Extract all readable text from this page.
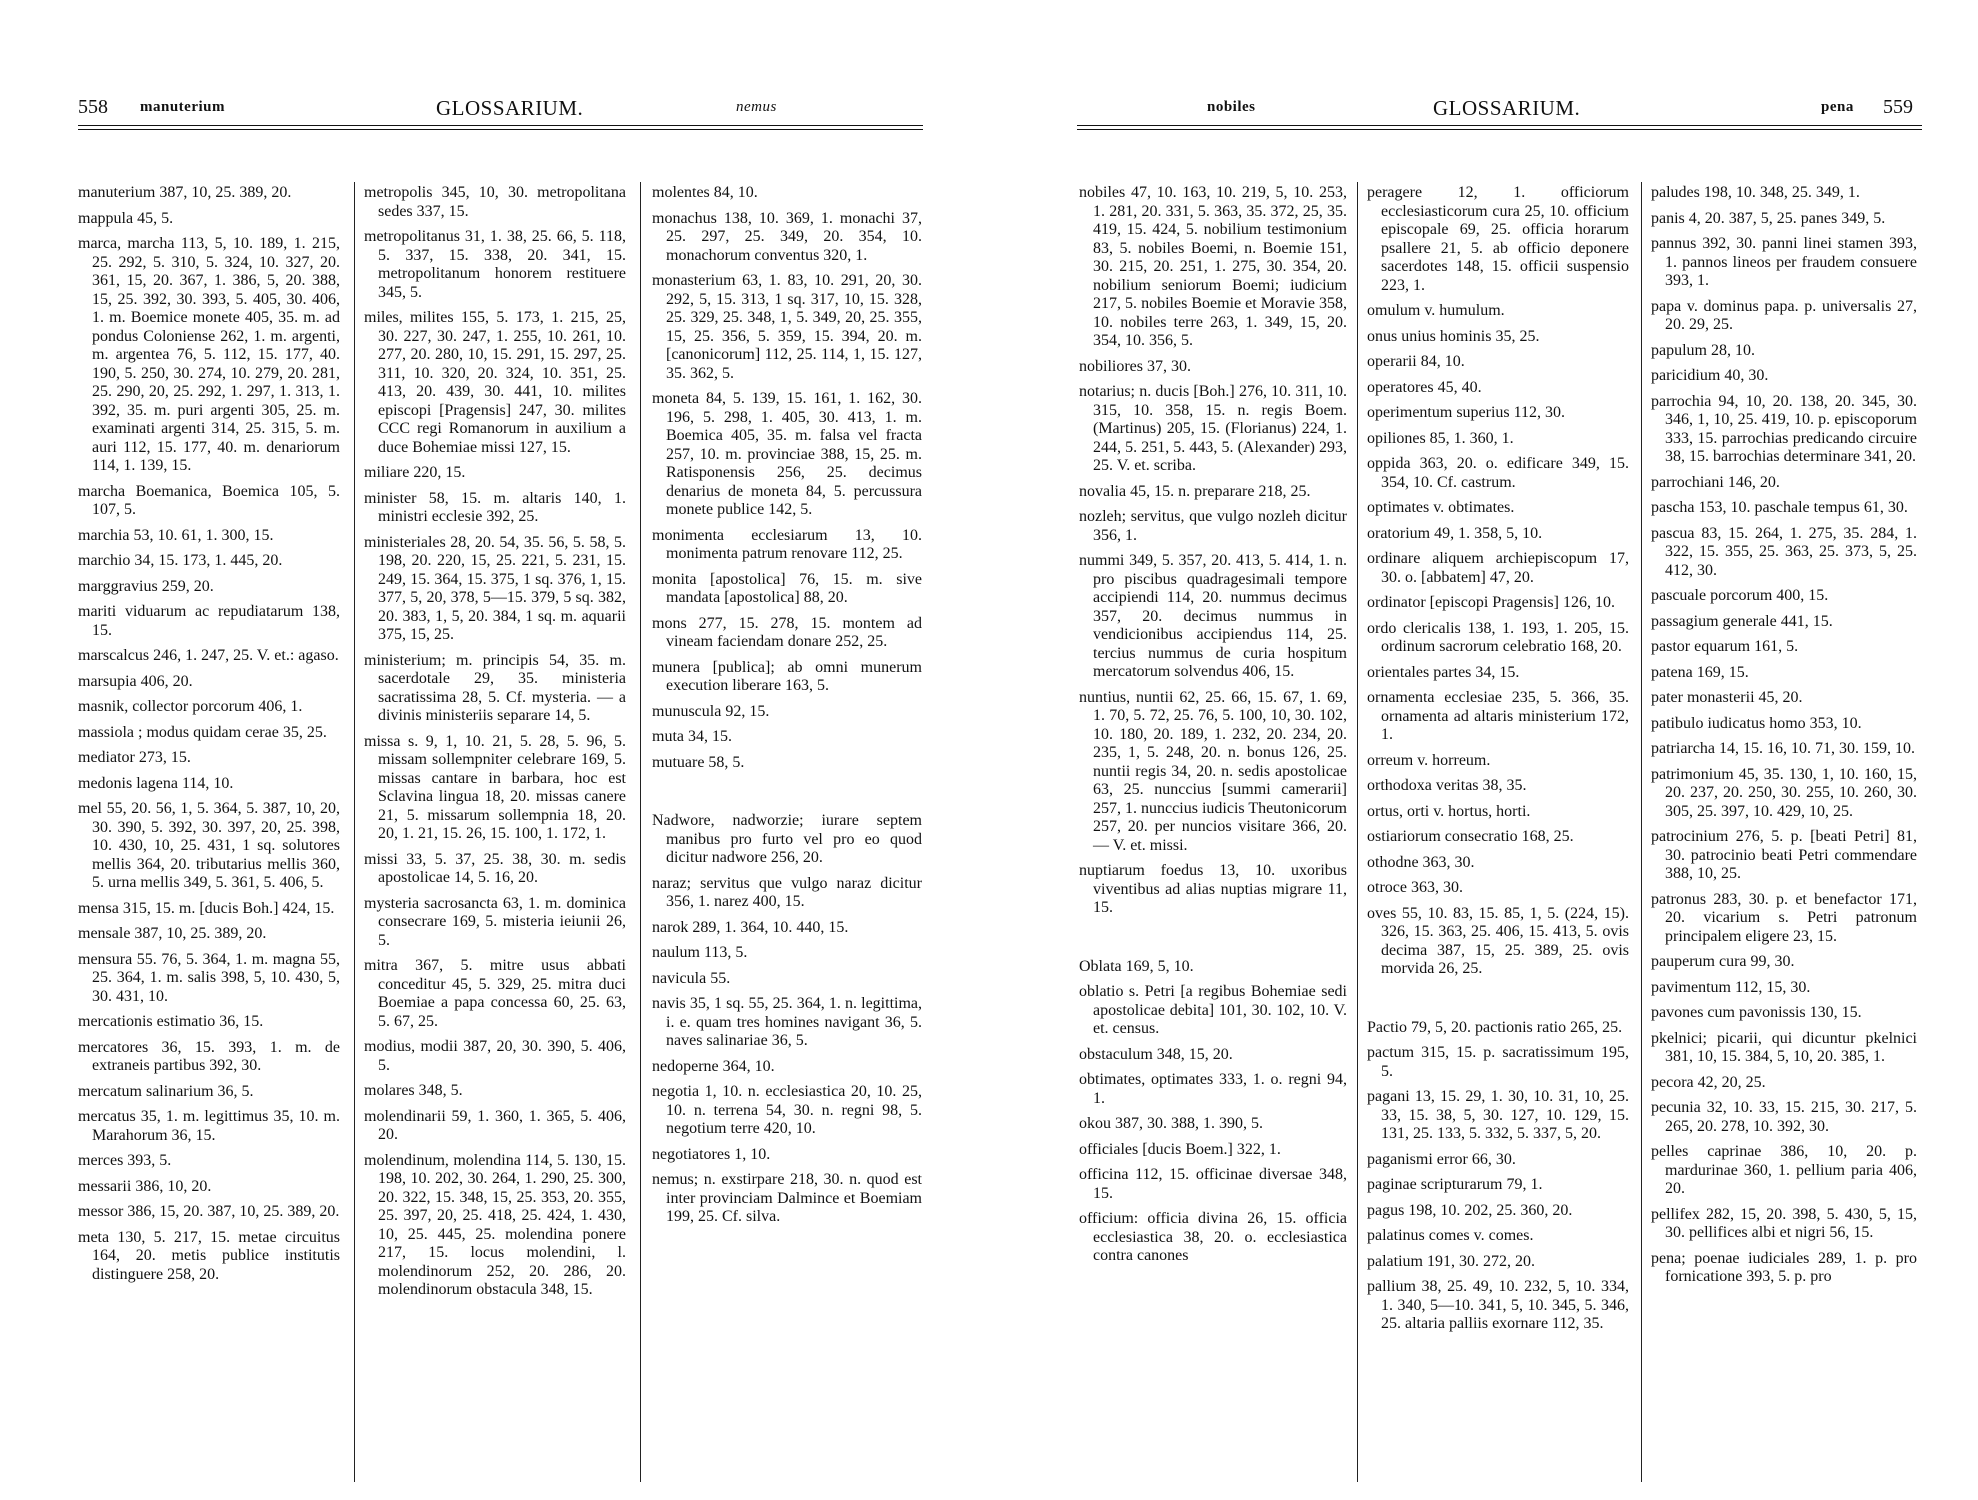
558 manuterium	GLOSSARIUM.	nemus

manuterium 387, 10, 25. 389, 20.

mappula 45, 5.

marca, marcha 113, 5, 10. 189, 1. 215, 25. 292, 5. 310, 5. 324, 10. 327, 20. 361, 15, 20. 367, 1. 386, 5, 20. 388, 15, 25. 392, 30. 393, 5. 405, 30. 406, 1. m. Boemice monete 405, 35. m. ad pondus Coloniense 262, 1. m. argenti, m. argentea 76, 5. 112, 15. 177, 40. 190, 5. 250, 30. 274, 10. 279, 20. 281, 25. 290, 20, 25. 292, 1. 297, 1. 313, 1. 392, 35. m. puri argenti 305, 25. m. examinati argenti 314, 25. 315, 5. m. auri 112, 15. 177, 40. m. denariorum 114, 1. 139, 15.

marcha Boemanica, Boemica 105, 5. 107, 5.

marchia 53, 10. 61, 1. 300, 15.

marchio 34, 15. 173, 1. 445, 20.

marggravius 259, 20.

mariti viduarum ac repudiatarum 138, 15.

marscalcus 246, 1. 247, 25. V. et.: agaso.

marsupia 406, 20.

masnik, collector porcorum 406, 1.

massiola ; modus quidam cerae 35, 25.

mediator 273, 15.

medonis lagena 114, 10.

mel 55, 20. 56, 1, 5. 364, 5. 387, 10, 20, 30. 390, 5. 392, 30. 397, 20, 25. 398, 10. 430, 10, 25. 431, 1 sq. solutores mellis 364, 20. tributarius mellis 360, 5. urna mellis 349, 5. 361, 5. 406, 5.

mensa 315, 15. m. [ducis Boh.] 424, 15.

mensale 387, 10, 25. 389, 20.

mensura 55. 76, 5. 364, 1. m. magna 55, 25. 364, 1. m. salis 398, 5, 10. 430, 5, 30. 431, 10.

mercationis estimatio 36, 15.

mercatores 36, 15. 393, 1. m. de extraneis partibus 392, 30.

mercatum salinarium 36, 5.

mercatus 35, 1. m. legittimus 35, 10. m. Marahorum 36, 15.

merces 393, 5.

messarii 386, 10, 20.

messor 386, 15, 20. 387, 10, 25. 389, 20.

meta 130, 5. 217, 15. metae circuitus 164, 20. metis publice institutis distinguere 258, 20.

metropolis 345, 10, 30. metropolitana sedes 337, 15.

metropolitanus 31, 1. 38, 25. 66, 5. 118, 5. 337, 15. 338, 20. 341, 15. metropolitanum honorem restituere 345, 5.

miles, milites 155, 5. 173, 1. 215, 25, 30. 227, 30. 247, 1. 255, 10. 261, 10. 277, 20. 280, 10, 15. 291, 15. 297, 25. 311, 10. 320, 20. 324, 10. 351, 25. 413, 20. 439, 30. 441, 10. milites episcopi [Pragensis] 247, 30. milites CCC regi Romanorum in auxilium a duce Bohemiae missi 127, 15.

miliare 220, 15.

minister 58, 15. m. altaris 140, 1. ministri ecclesie 392, 25.

ministeriales 28, 20. 54, 35. 56, 5. 58, 5. 198, 20. 220, 15, 25. 221, 5. 231, 15. 249, 15. 364, 15. 375, 1 sq. 376, 1, 15. 377, 5, 20, 378, 5—15. 379, 5 sq. 382, 20. 383, 1, 5, 20. 384, 1 sq. m. aquarii 375, 15, 25.

ministerium; m. principis 54, 35. m. sacerdotale 29, 35. ministeria sacratissima 28, 5. Cf. mysteria. — a divinis ministeriis separare 14, 5.

missa s. 9, 1, 10. 21, 5. 28, 5. 96, 5. missam sollempniter celebrare 169, 5. missas cantare in barbara, hoc est Sclavina lingua 18, 20. missas canere 21, 5. missarum sollempnia 18, 20. 20, 1. 21, 15. 26, 15. 100, 1. 172, 1.

missi 33, 5. 37, 25. 38, 30. m. sedis apostolicae 14, 5. 16, 20.

mysteria sacrosancta 63, 1. m. dominica consecrare 169, 5. misteria ieiunii 26, 5.

mitra 367, 5. mitre usus abbati conceditur 45, 5. 329, 25. mitra duci Boemiae a papa concessa 60, 25. 63, 5. 67, 25.

modius, modii 387, 20, 30. 390, 5. 406, 5.

molares 348, 5.

molendinarii 59, 1. 360, 1. 365, 5. 406, 20.

molendinum, molendina 114, 5. 130, 15. 198, 10. 202, 30. 264, 1. 290, 25. 300, 20. 322, 15. 348, 15, 25. 353, 20. 355, 25. 397, 20, 25. 418, 25. 424, 1. 430, 10, 25. 445, 25. molendina ponere 217, 15. locus molendini, l. molendinorum 252, 20. 286, 20. molendinorum obstacula 348, 15.

molentes 84, 10.

monachus 138, 10. 369, 1. monachi 37, 25. 297, 25. 349, 20. 354, 10. monachorum conventus 320, 1.

monasterium 63, 1. 83, 10. 291, 20, 30. 292, 5, 15. 313, 1 sq. 317, 10, 15. 328, 25. 329, 25. 348, 1, 5. 349, 20, 25. 355, 15, 25. 356, 5. 359, 15. 394, 20. m. [canonicorum] 112, 25. 114, 1, 15. 127, 35. 362, 5.

moneta 84, 5. 139, 15. 161, 1. 162, 30. 196, 5. 298, 1. 405, 30. 413, 1. m. Boemica 405, 35. m. falsa vel fracta 257, 10. m. provinciae 388, 15, 25. m. Ratisponensis 256, 25. decimus denarius de moneta 84, 5. percussura monete publice 142, 5.

monimenta ecclesiarum 13, 10. monimenta patrum renovare 112, 25.

monita [apostolica] 76, 15. m. sive mandata [apostolica] 88, 20.

mons 277, 15. 278, 15. montem ad vineam faciendam donare 252, 25.

munera [publica]; ab omni munerum execution liberare 163, 5.

munuscula 92, 15.

muta 34, 15.

mutuare 58, 5.

Nadwore, nadworzie; iurare septem manibus pro furto vel pro eo quod dicitur nadwore 256, 20.

naraz; servitus que vulgo naraz dicitur 356, 1. narez 400, 15.

narok 289, 1. 364, 10. 440, 15.

naulum 113, 5.

navicula 55.

navis 35, 1 sq. 55, 25. 364, 1. n. legittima, i. e. quam tres homines navigant 36, 5. naves salinariae 36, 5.

nedoperne 364, 10.

negotia 1, 10. n. ecclesiastica 20, 10. 25, 10. n. terrena 54, 30. n. regni 98, 5. negotium terre 420, 10.

negotiatores 1, 10.

nemus; n. exstirpare 218, 30. n. quod est inter provinciam Dalmince et Boemiam 199, 25. Cf. silva.

nobiles	GLOSSARIUM.	pena 559

nobiles 47, 10. 163, 10. 219, 5, 10. 253, 1. 281, 20. 331, 5. 363, 35. 372, 25, 35. 419, 15. 424, 5. nobilium testimonium 83, 5. nobiles Boemi, n. Boemie 151, 30. 215, 20. 251, 1. 275, 30. 354, 20. nobilium seniorum Boemi; iudicium 217, 5. nobiles Boemie et Moravie 358, 10. nobiles terre 263, 1. 349, 15, 20. 354, 10. 356, 5.

nobiliores 37, 30.

notarius; n. ducis [Boh.] 276, 10. 311, 10. 315, 10. 358, 15. n. regis Boem. (Martinus) 205, 15. (Florianus) 224, 1. 244, 5. 251, 5. 443, 5. (Alexander) 293, 25. V. et. scriba.

novalia 45, 15. n. preparare 218, 25.

nozleh; servitus, que vulgo nozleh dicitur 356, 1.

nummi 349, 5. 357, 20. 413, 5. 414, 1. n. pro piscibus quadragesimali tempore accipiendi 114, 20. nummus decimus 357, 20. decimus nummus in vendicionibus accipiendus 114, 25. tercius nummus de curia hospitum mercatorum solvendus 406, 15.

nuntius, nuntii 62, 25. 66, 15. 67, 1. 69, 1. 70, 5. 72, 25. 76, 5. 100, 10, 30. 102, 10. 180, 20. 189, 1. 232, 20. 234, 20. 235, 1, 5. 248, 20. n. bonus 126, 25. nuntii regis 34, 20. n. sedis apostolicae 63, 25. nunccius [summi camerarii] 257, 1. nunccius iudicis Theutonicorum 257, 20. per nuncios visitare 366, 20. — V. et. missi.

nuptiarum foedus 13, 10. uxoribus viventibus ad alias nuptias migrare 11, 15.

Oblata 169, 5, 10.

oblatio s. Petri [a regibus Bohemiae sedi apostolicae debita] 101, 30. 102, 10. V. et. census.

obstaculum 348, 15, 20.

obtimates, optimates 333, 1. o. regni 94, 1.

okou 387, 30. 388, 1. 390, 5.

officiales [ducis Boem.] 322, 1.

officina 112, 15. officinae diversae 348, 15.

officium: officia divina 26, 15. officia ecclesiastica 38, 20. o. ecclesiastica contra canones

peragere 12, 1. officiorum ecclesiasticorum cura 25, 10. officium episcopale 69, 25. officia horarum psallere 21, 5. ab officio deponere sacerdotes 148, 15. officii suspensio 223, 1.

omulum v. humulum.

onus unius hominis 35, 25.

operarii 84, 10.

operatores 45, 40.

operimentum superius 112, 30.

opiliones 85, 1. 360, 1.

oppida 363, 20. o. edificare 349, 15. 354, 10. Cf. castrum.

optimates v. obtimates.

oratorium 49, 1. 358, 5, 10.

ordinare aliquem archiepiscopum 17, 30. o. [abbatem] 47, 20.

ordinator [episcopi Pragensis] 126, 10.

ordo clericalis 138, 1. 193, 1. 205, 15. ordinum sacrorum celebratio 168, 20.

orientales partes 34, 15.

ornamenta ecclesiae 235, 5. 366, 35. ornamenta ad altaris ministerium 172, 1.

orreum v. horreum.

orthodoxa veritas 38, 35.

ortus, orti v. hortus, horti.

ostiariorum consecratio 168, 25.

othodne 363, 30.

otroce 363, 30.

oves 55, 10. 83, 15. 85, 1, 5. (224, 15). 326, 15. 363, 25. 406, 15. 413, 5. ovis decima 387, 15, 25. 389, 25. ovis morvida 26, 25.

Pactio 79, 5, 20. pactionis ratio 265, 25.

pactum 315, 15. p. sacratissimum 195, 5.

pagani 13, 15. 29, 1. 30, 10. 31, 10, 25. 33, 15. 38, 5, 30. 127, 10. 129, 15. 131, 25. 133, 5. 332, 5. 337, 5, 20.

paganismi error 66, 30.

paginae scripturarum 79, 1.

pagus 198, 10. 202, 25. 360, 20.

palatinus comes v. comes.

palatium 191, 30. 272, 20.

pallium 38, 25. 49, 10. 232, 5, 10. 334, 1. 340, 5—10. 341, 5, 10. 345, 5. 346, 25. altaria palliis exornare 112, 35.

paludes 198, 10. 348, 25. 349, 1.

panis 4, 20. 387, 5, 25. panes 349, 5.

pannus 392, 30. panni linei stamen 393, 1. pannos lineos per fraudem consuere 393, 1.

papa v. dominus papa. p. universalis 27, 20. 29, 25.

papulum 28, 10.

paricidium 40, 30.

parrochia 94, 10, 20. 138, 20. 345, 30. 346, 1, 10, 25. 419, 10. p. episcoporum 333, 15. parrochias predicando circuire 38, 15. barrochias determinare 341, 20.

parrochiani 146, 20.

pascha 153, 10. paschale tempus 61, 30.

pascua 83, 15. 264, 1. 275, 35. 284, 1. 322, 15. 355, 25. 363, 25. 373, 5, 25. 412, 30.

pascuale porcorum 400, 15.

passagium generale 441, 15.

pastor equarum 161, 5.

patena 169, 15.

pater monasterii 45, 20.

patibulo iudicatus homo 353, 10.

patriarcha 14, 15. 16, 10. 71, 30. 159, 10.

patrimonium 45, 35. 130, 1, 10. 160, 15, 20. 237, 20. 250, 30. 255, 10. 260, 30. 305, 25. 397, 10. 429, 10, 25.

patrocinium 276, 5. p. [beati Petri] 81, 30. patrocinio beati Petri commendare 388, 10, 25.

patronus 283, 30. p. et benefactor 171, 20. vicarium s. Petri patronum principalem eligere 23, 15.

pauperum cura 99, 30.

pavimentum 112, 15, 30.

pavones cum pavonissis 130, 15.

pkelnici; picarii, qui dicuntur pkelnici 381, 10, 15. 384, 5, 10, 20. 385, 1.

pecora 42, 20, 25.

pecunia 32, 10. 33, 15. 215, 30. 217, 5. 265, 20. 278, 10. 392, 30.

pelles caprinae 386, 10, 20. p. mardurinae 360, 1. pellium paria 406, 20.

pellifex 282, 15, 20. 398, 5. 430, 5, 15, 30. pellifices albi et nigri 56, 15.

pena; poenae iudiciales 289, 1. p. pro fornicatione 393, 5. p. pro
